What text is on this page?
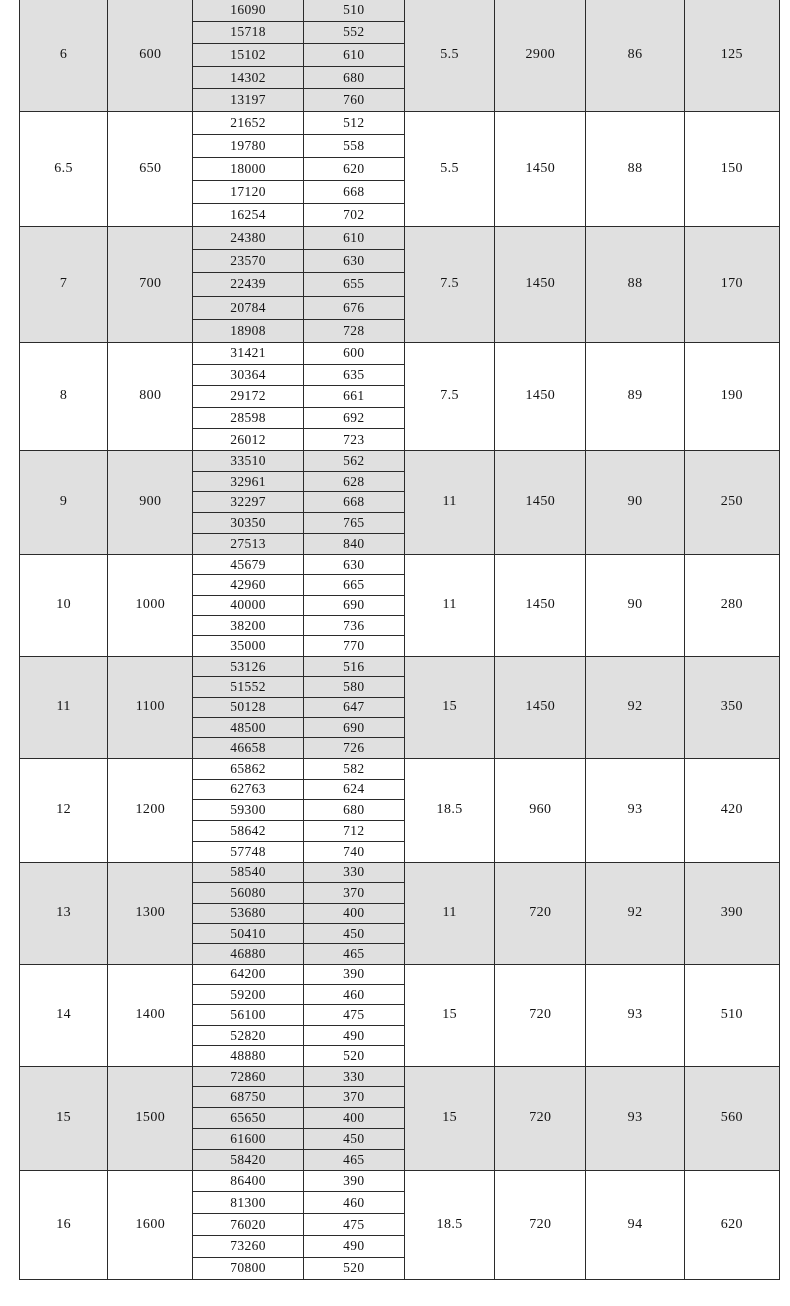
6	600	16090	510	5.5	2900	86	125
		15718	552				
		15102	610				
		14302	680				
		13197	760				
6.5	650	21652	512	5.5	1450	88	150
		19780	558				
		18000	620				
		17120	668				
		16254	702				
7	700	24380	610	7.5	1450	88	170
		23570	630				
		22439	655				
		20784	676				
		18908	728				
8	800	31421	600	7.5	1450	89	190
		30364	635				
		29172	661				
		28598	692				
		26012	723				
9	900	33510	562	11	1450	90	250
		32961	628				
		32297	668				
		30350	765				
		27513	840				
10	1000	45679	630	11	1450	90	280
		42960	665				
		40000	690				
		38200	736				
		35000	770				
11	1100	53126	516	15	1450	92	350
		51552	580				
		50128	647				
		48500	690				
		46658	726				
12	1200	65862	582	18.5	960	93	420
		62763	624				
		59300	680				
		58642	712				
		57748	740				
13	1300	58540	330	11	720	92	390
		56080	370				
		53680	400				
		50410	450				
		46880	465				
14	1400	64200	390	15	720	93	510
		59200	460				
		56100	475				
		52820	490				
		48880	520				
15	1500	72860	330	15	720	93	560
		68750	370				
		65650	400				
		61600	450				
		58420	465				
16	1600	86400	390	18.5	720	94	620
		81300	460				
		76020	475				
		73260	490				
		70800	520				
